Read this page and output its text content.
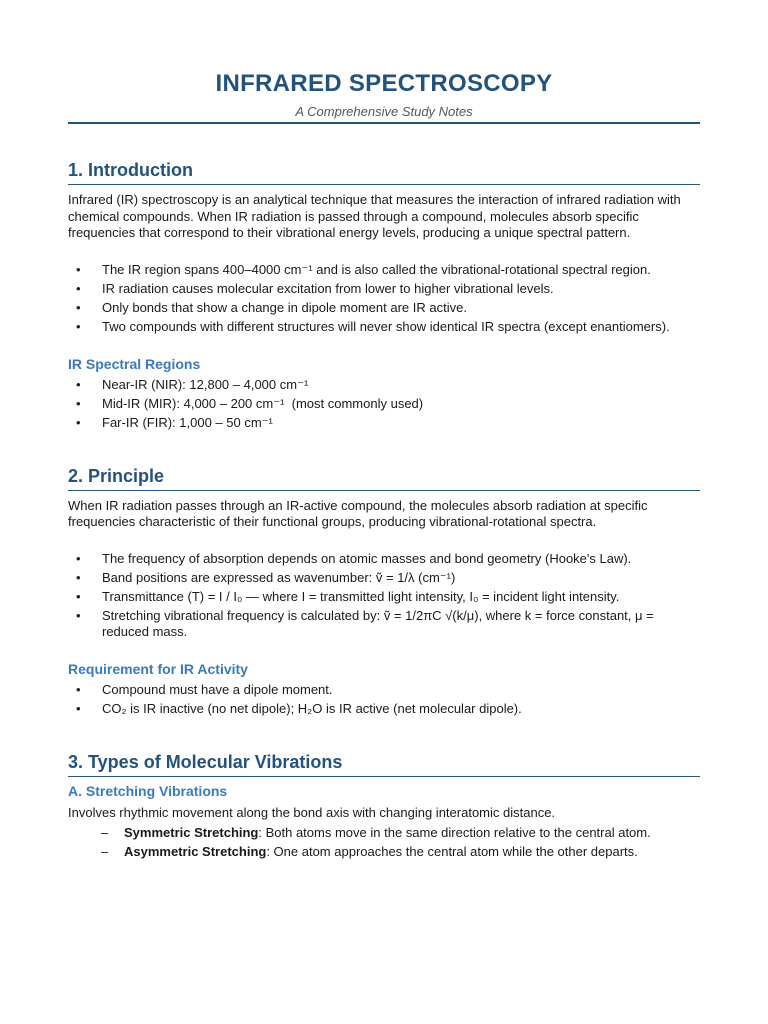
INFRARED SPECTROSCOPY
A Comprehensive Study Notes
1. Introduction

Infrared (IR) spectroscopy is an analytical technique that measures the interaction of infrared radiation with chemical compounds. When IR radiation is passed through a compound, molecules absorb specific frequencies that correspond to their vibrational energy levels, producing a unique spectral pattern.

• The IR region spans 400–4000 cm⁻¹ and is also called the vibrational-rotational spectral region.
• IR radiation causes molecular excitation from lower to higher vibrational levels.
• Only bonds that show a change in dipole moment are IR active.
• Two compounds with different structures will never show identical IR spectra (except enantiomers).
IR Spectral Regions
• Near-IR (NIR): 12,800 – 4,000 cm⁻¹
• Mid-IR (MIR): 4,000 – 200 cm⁻¹  (most commonly used)
• Far-IR (FIR): 1,000 – 50 cm⁻¹
2. Principle

When IR radiation passes through an IR-active compound, the molecules absorb radiation at specific frequencies characteristic of their functional groups, producing vibrational-rotational spectra.

• The frequency of absorption depends on atomic masses and bond geometry (Hooke's Law).
• Band positions are expressed as wavenumber: ṽ = 1/λ (cm⁻¹)
• Transmittance (T) = I / I₀ — where I = transmitted light intensity, I₀ = incident light intensity.
• Stretching vibrational frequency is calculated by: ṽ = 1/2πC √(k/μ), where k = force constant, μ = reduced mass.
Requirement for IR Activity
• Compound must have a dipole moment.
• CO₂ is IR inactive (no net dipole); H₂O is IR active (net molecular dipole).
3. Types of Molecular Vibrations
A. Stretching Vibrations

Involves rhythmic movement along the bond axis with changing interatomic distance.

– Symmetric Stretching: Both atoms move in the same direction relative to the central atom.
– Asymmetric Stretching: One atom approaches the central atom while the other departs.
